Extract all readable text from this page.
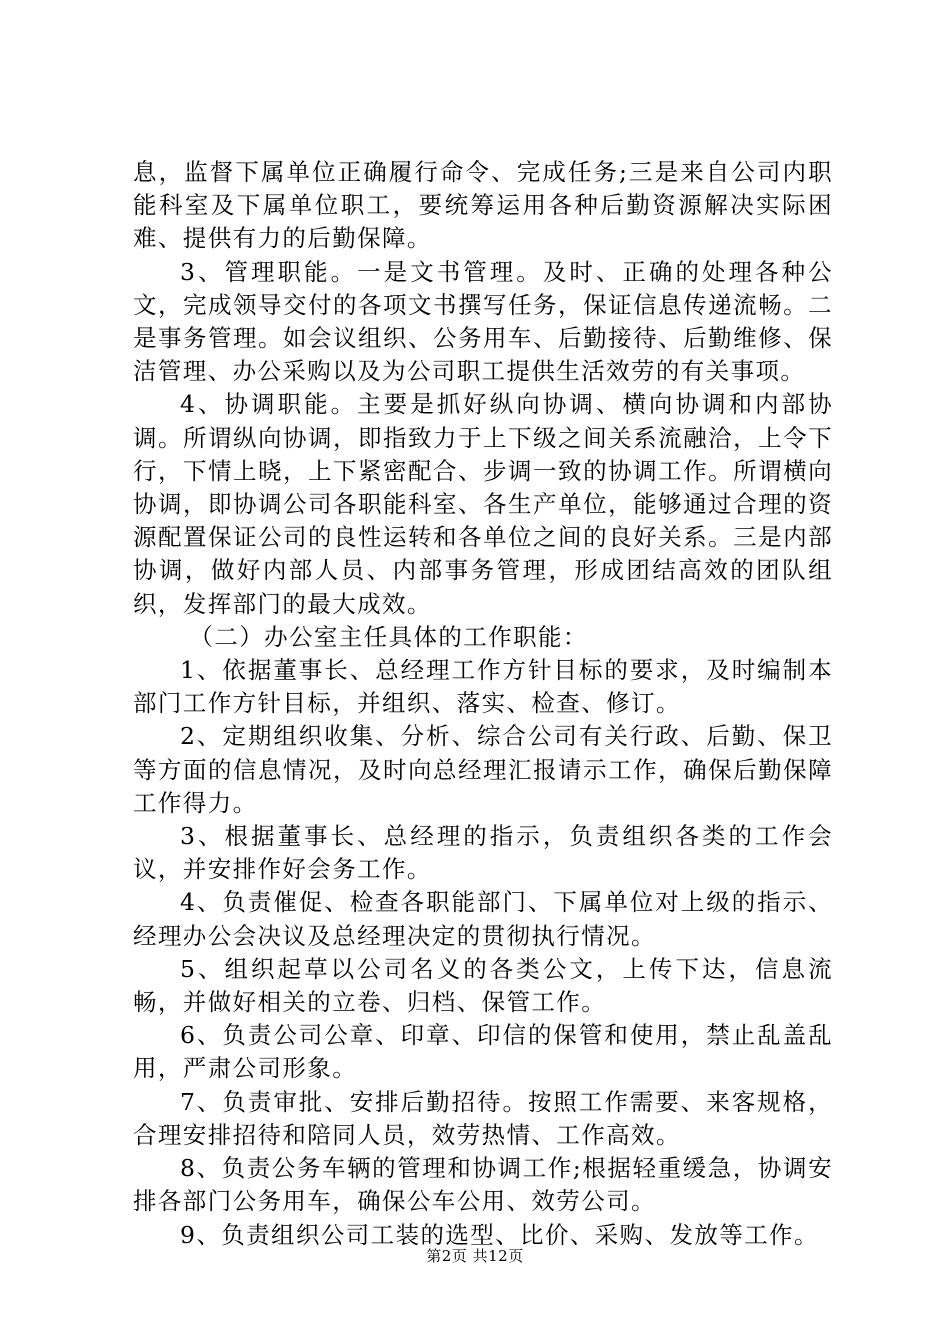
息，监督下属单位正确履行命令、完成任务;三是来自公司内职能科室及下属单位职工，要统筹运用各种后勤资源解决实际困难、提供有力的后勤保障。

3、管理职能。一是文书管理。及时、正确的处理各种公文，完成领导交付的各项文书撰写任务，保证信息传递流畅。二是事务管理。如会议组织、公务用车、后勤接待、后勤维修、保洁管理、办公采购以及为公司职工提供生活效劳的有关事项。

4、协调职能。主要是抓好纵向协调、横向协调和内部协调。所谓纵向协调，即指致力于上下级之间关系流融洽，上令下行，下情上晓，上下紧密配合、步调一致的协调工作。所谓横向协调，即协调公司各职能科室、各生产单位，能够通过合理的资源配置保证公司的良性运转和各单位之间的良好关系。三是内部协调，做好内部人员、内部事务管理，形成团结高效的团队组织，发挥部门的最大成效。

（二）办公室主任具体的工作职能：

1、依据董事长、总经理工作方针目标的要求，及时编制本部门工作方针目标，并组织、落实、检查、修订。

2、定期组织收集、分析、综合公司有关行政、后勤、保卫等方面的信息情况，及时向总经理汇报请示工作，确保后勤保障工作得力。

3、根据董事长、总经理的指示，负责组织各类的工作会议，并安排作好会务工作。

4、负责催促、检查各职能部门、下属单位对上级的指示、经理办公会决议及总经理决定的贯彻执行情况。

5、组织起草以公司名义的各类公文，上传下达，信息流畅，并做好相关的立卷、归档、保管工作。

6、负责公司公章、印章、印信的保管和使用，禁止乱盖乱用，严肃公司形象。

7、负责审批、安排后勤招待。按照工作需要、来客规格，合理安排招待和陪同人员，效劳热情、工作高效。

8、负责公务车辆的管理和协调工作;根据轻重缓急，协调安排各部门公务用车，确保公车公用、效劳公司。

9、负责组织公司工装的选型、比价、采购、发放等工作。

第2页 共12页
